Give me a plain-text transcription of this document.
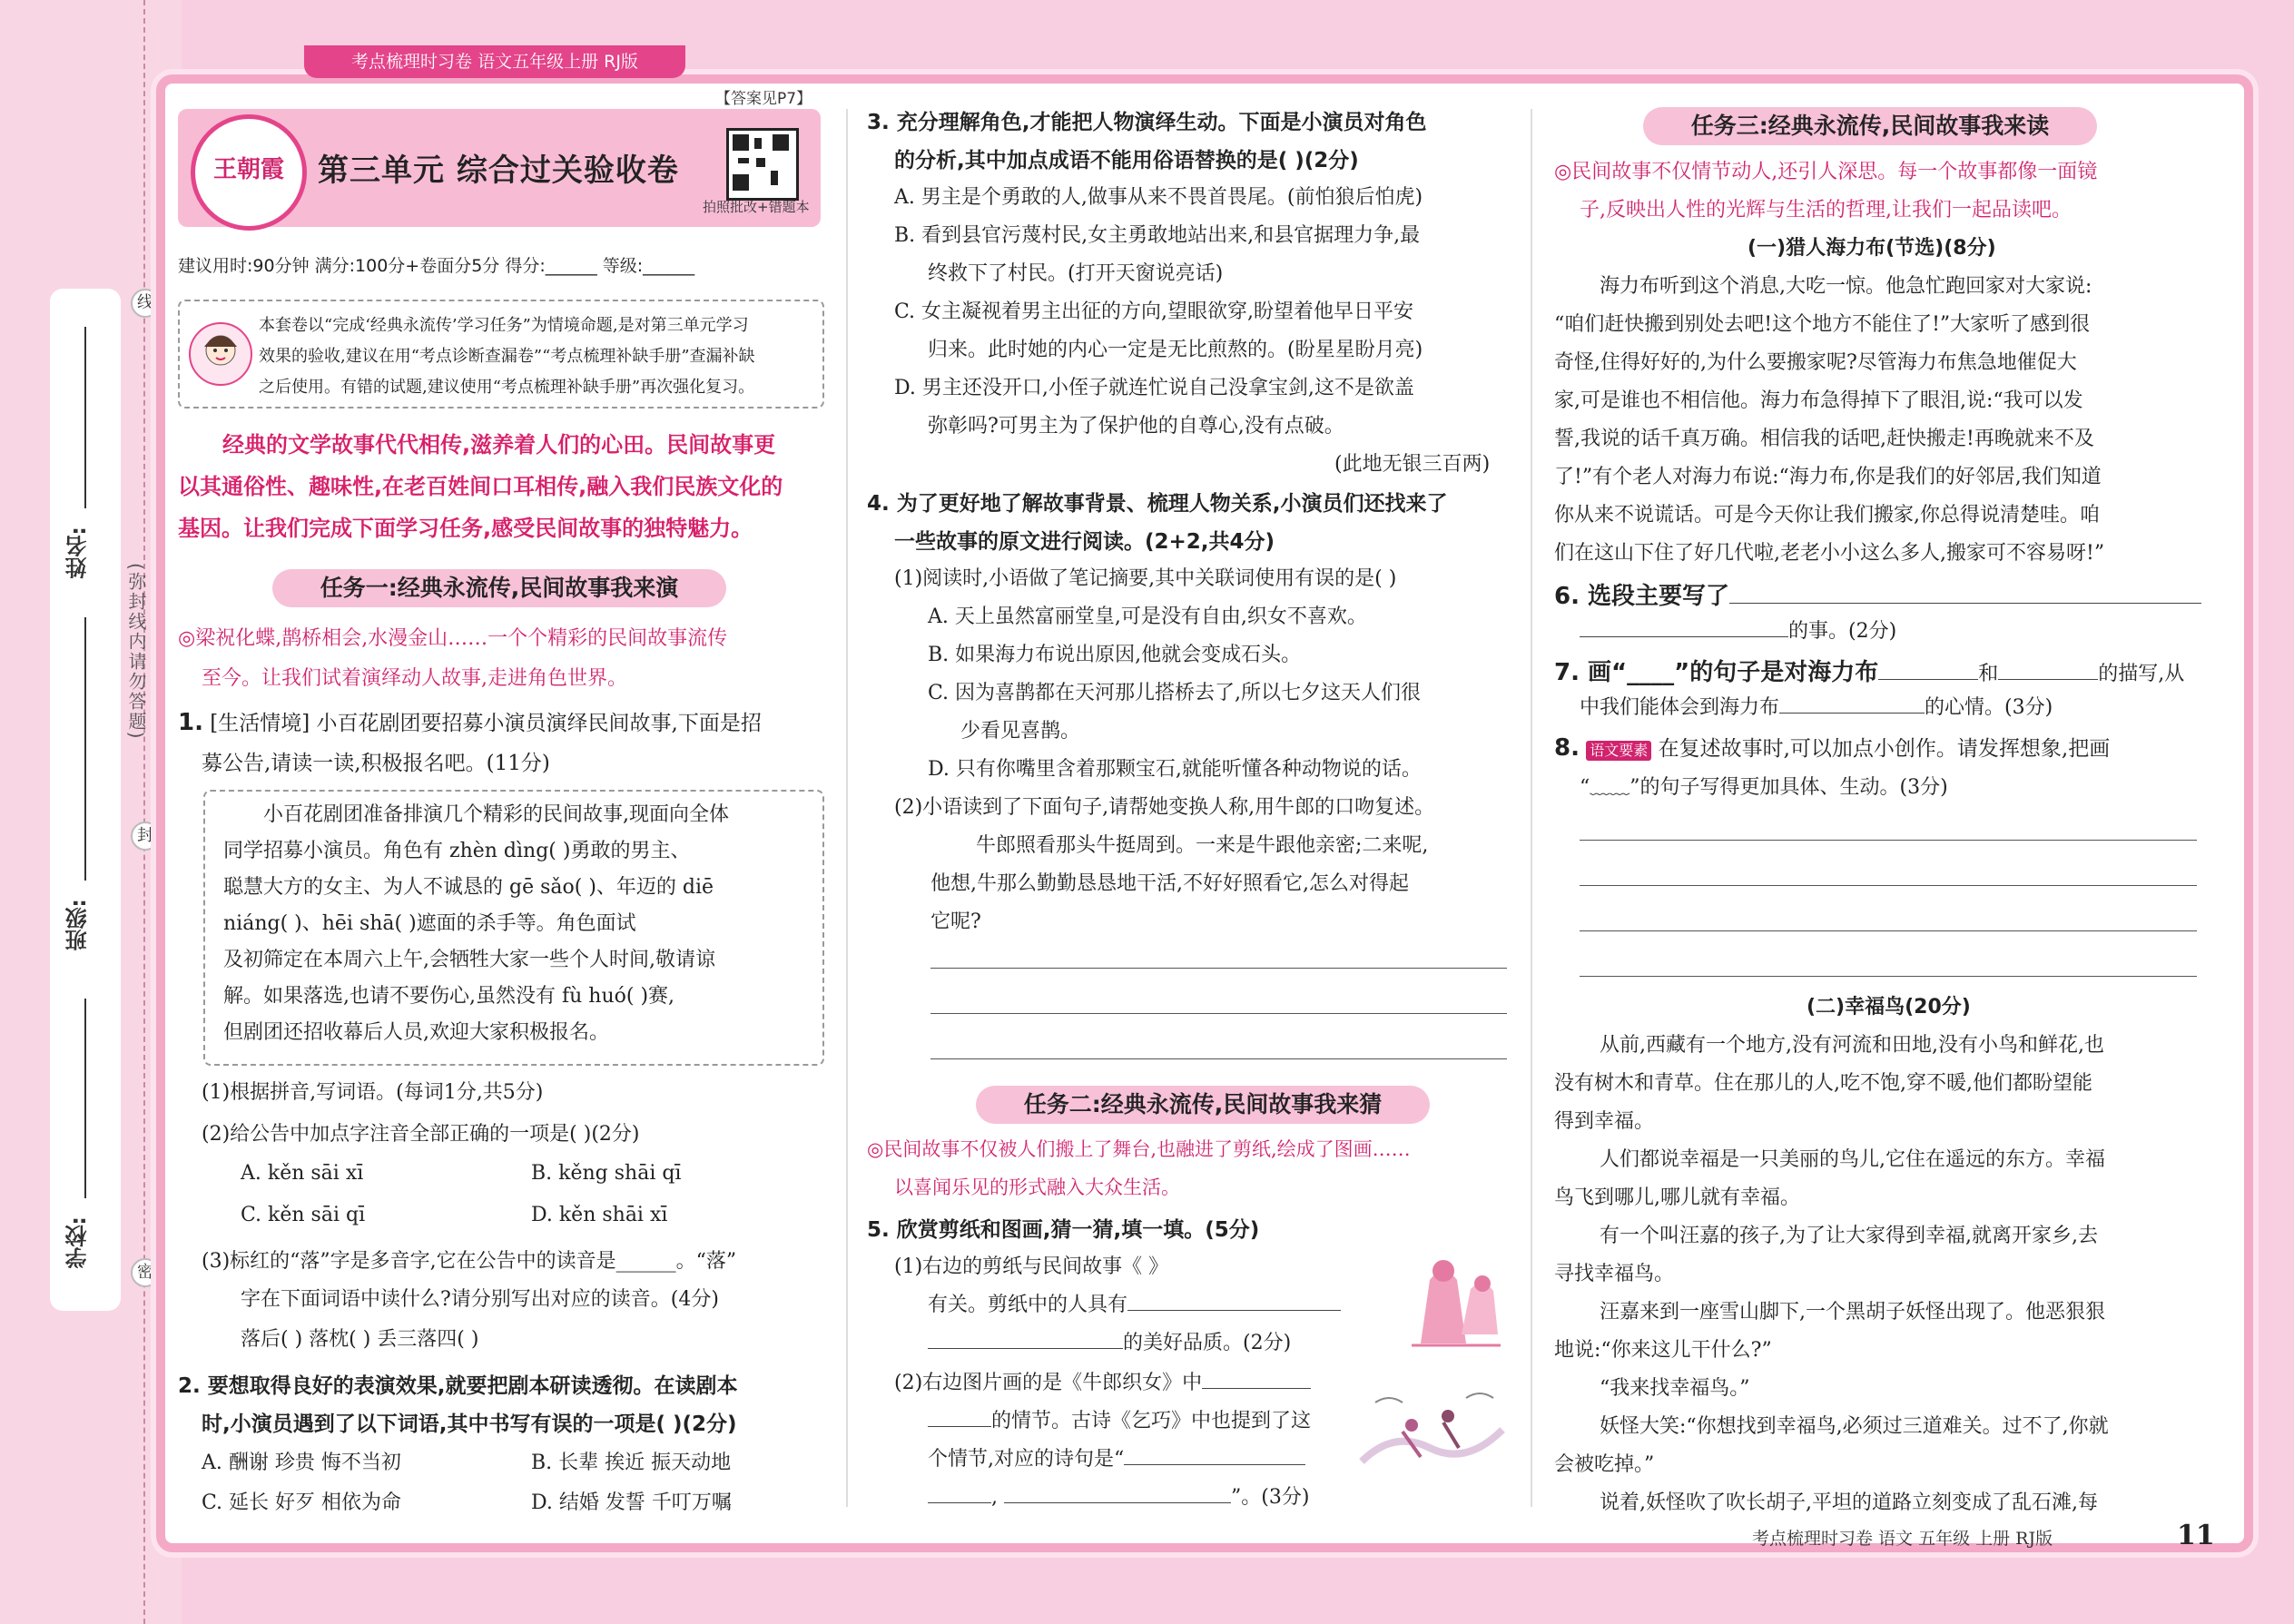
姓名:
班级:
学校:
(弥封线内请勿答题)
线
封
密
考点梳理时习卷 语文五年级上册 RJ版
【答案见P7】
王朝霞	第三单元 综合过关验收卷
拍照批改+错题本
建议用时:90分钟 满分:100分+卷面分5分 得分:______ 等级:______
本套卷以“完成‘经典永流传’学习任务”为情境命题,是对第三单元学习
效果的验收,建议在用“考点诊断查漏卷”“考点梳理补缺手册”查漏补缺
之后使用。有错的试题,建议使用“考点梳理补缺手册”再次强化复习。
经典的文学故事代代相传,滋养着人们的心田。民间故事更
以其通俗性、趣味性,在老百姓间口耳相传,融入我们民族文化的
基因。让我们完成下面学习任务,感受民间故事的独特魅力。
任务一:经典永流传,民间故事我来演
◎梁祝化蝶,鹊桥相会,水漫金山……一个个精彩的民间故事流传
至今。让我们试着演绎动人故事,走进角色世界。
1. [生活情境] 小百花剧团要招募小演员演绎民间故事,下面是招
募公告,请读一读,积极报名吧。(11分)
小百花剧团准备排演几个精彩的民间故事,现面向全体
同学招募小演员。角色有 zhèn dìng( )勇敢的男主、
聪慧大方的女主、为人不诚恳的 gē sǎo( )、年迈的 diē
niáng( )、hēi shā( )遮面的杀手等。角色面试
及初筛定在本周六上午,会牺牲大家一些个人时间,敬请谅
解。如果落选,也请不要伤心,虽然没有 fù huó( )赛,
但剧团还招收幕后人员,欢迎大家积极报名。
(1)根据拼音,写词语。(每词1分,共5分)
(2)给公告中加点字注音全部正确的一项是( )(2分)
A. kěn sāi xī	B. kěng shāi qī
C. kěn sāi qī	D. kěn shāi xī
(3)标红的“落”字是多音字,它在公告中的读音是______。“落”
字在下面词语中读什么?请分别写出对应的读音。(4分)
落后( ) 落枕( ) 丢三落四( )
2. 要想取得良好的表演效果,就要把剧本研读透彻。在读剧本
时,小演员遇到了以下词语,其中书写有误的一项是( )(2分)
A. 酬谢 珍贵 悔不当初	B. 长辈 挨近 振天动地
C. 延长 好歹 相依为命	D. 结婚 发誓 千叮万嘱
3. 充分理解角色,才能把人物演绎生动。下面是小演员对角色
的分析,其中加点成语不能用俗语替换的是( )(2分)
A. 男主是个勇敢的人,做事从来不畏首畏尾。(前怕狼后怕虎)
B. 看到县官污蔑村民,女主勇敢地站出来,和县官据理力争,最
终救下了村民。(打开天窗说亮话)
C. 女主凝视着男主出征的方向,望眼欲穿,盼望着他早日平安
归来。此时她的内心一定是无比煎熬的。(盼星星盼月亮)
D. 男主还没开口,小侄子就连忙说自己没拿宝剑,这不是欲盖
弥彰吗?可男主为了保护他的自尊心,没有点破。
(此地无银三百两)
4. 为了更好地了解故事背景、梳理人物关系,小演员们还找来了
一些故事的原文进行阅读。(2+2,共4分)
(1)阅读时,小语做了笔记摘要,其中关联词使用有误的是( )
A. 天上虽然富丽堂皇,可是没有自由,织女不喜欢。
B. 如果海力布说出原因,他就会变成石头。
C. 因为喜鹊都在天河那儿搭桥去了,所以七夕这天人们很
少看见喜鹊。
D. 只有你嘴里含着那颗宝石,就能听懂各种动物说的话。
(2)小语读到了下面句子,请帮她变换人称,用牛郎的口吻复述。
牛郎照看那头牛挺周到。一来是牛跟他亲密;二来呢,
他想,牛那么勤勤恳恳地干活,不好好照看它,怎么对得起
它呢?
任务二:经典永流传,民间故事我来猜
◎民间故事不仅被人们搬上了舞台,也融进了剪纸,绘成了图画……
以喜闻乐见的形式融入大众生活。
5. 欣赏剪纸和图画,猜一猜,填一填。(5分)
(1)右边的剪纸与民间故事《 》
有关。剪纸中的人具有
的美好品质。(2分)
(2)右边图片画的是《牛郎织女》中
的情节。古诗《乞巧》中也提到了这
个情节,对应的诗句是“
,	”。(3分)
任务三:经典永流传,民间故事我来读
◎民间故事不仅情节动人,还引人深思。每一个故事都像一面镜
子,反映出人性的光辉与生活的哲理,让我们一起品读吧。
(一)猎人海力布(节选)(8分)
海力布听到这个消息,大吃一惊。他急忙跑回家对大家说:
“咱们赶快搬到别处去吧!这个地方不能住了!”大家听了感到很
奇怪,住得好好的,为什么要搬家呢?尽管海力布焦急地催促大
家,可是谁也不相信他。海力布急得掉下了眼泪,说:“我可以发
誓,我说的话千真万确。相信我的话吧,赶快搬走!再晚就来不及
了!”有个老人对海力布说:“海力布,你是我们的好邻居,我们知道
你从来不说谎话。可是今天你让我们搬家,你总得说清楚哇。咱
们在这山下住了好几代啦,老老小小这么多人,搬家可不容易呀!”
6. 选段主要写了
的事。(2分)
7. 画“____”的句子是对海力布	和	的描写,从
中我们能体会到海力布	的心情。(3分)
8. 语文要素 在复述故事时,可以加点小创作。请发挥想象,把画
“﹏﹏”的句子写得更加具体、生动。(3分)
(二)幸福鸟(20分)
从前,西藏有一个地方,没有河流和田地,没有小鸟和鲜花,也
没有树木和青草。住在那儿的人,吃不饱,穿不暖,他们都盼望能
得到幸福。
人们都说幸福是一只美丽的鸟儿,它住在遥远的东方。幸福
鸟飞到哪儿,哪儿就有幸福。
有一个叫汪嘉的孩子,为了让大家得到幸福,就离开家乡,去
寻找幸福鸟。
汪嘉来到一座雪山脚下,一个黑胡子妖怪出现了。他恶狠狠
地说:“你来这儿干什么?”
“我来找幸福鸟。”
妖怪大笑:“你想找到幸福鸟,必须过三道难关。过不了,你就
会被吃掉。”
说着,妖怪吹了吹长胡子,平坦的道路立刻变成了乱石滩,每
考点梳理时习卷 语文 五年级 上册 RJ版	11
